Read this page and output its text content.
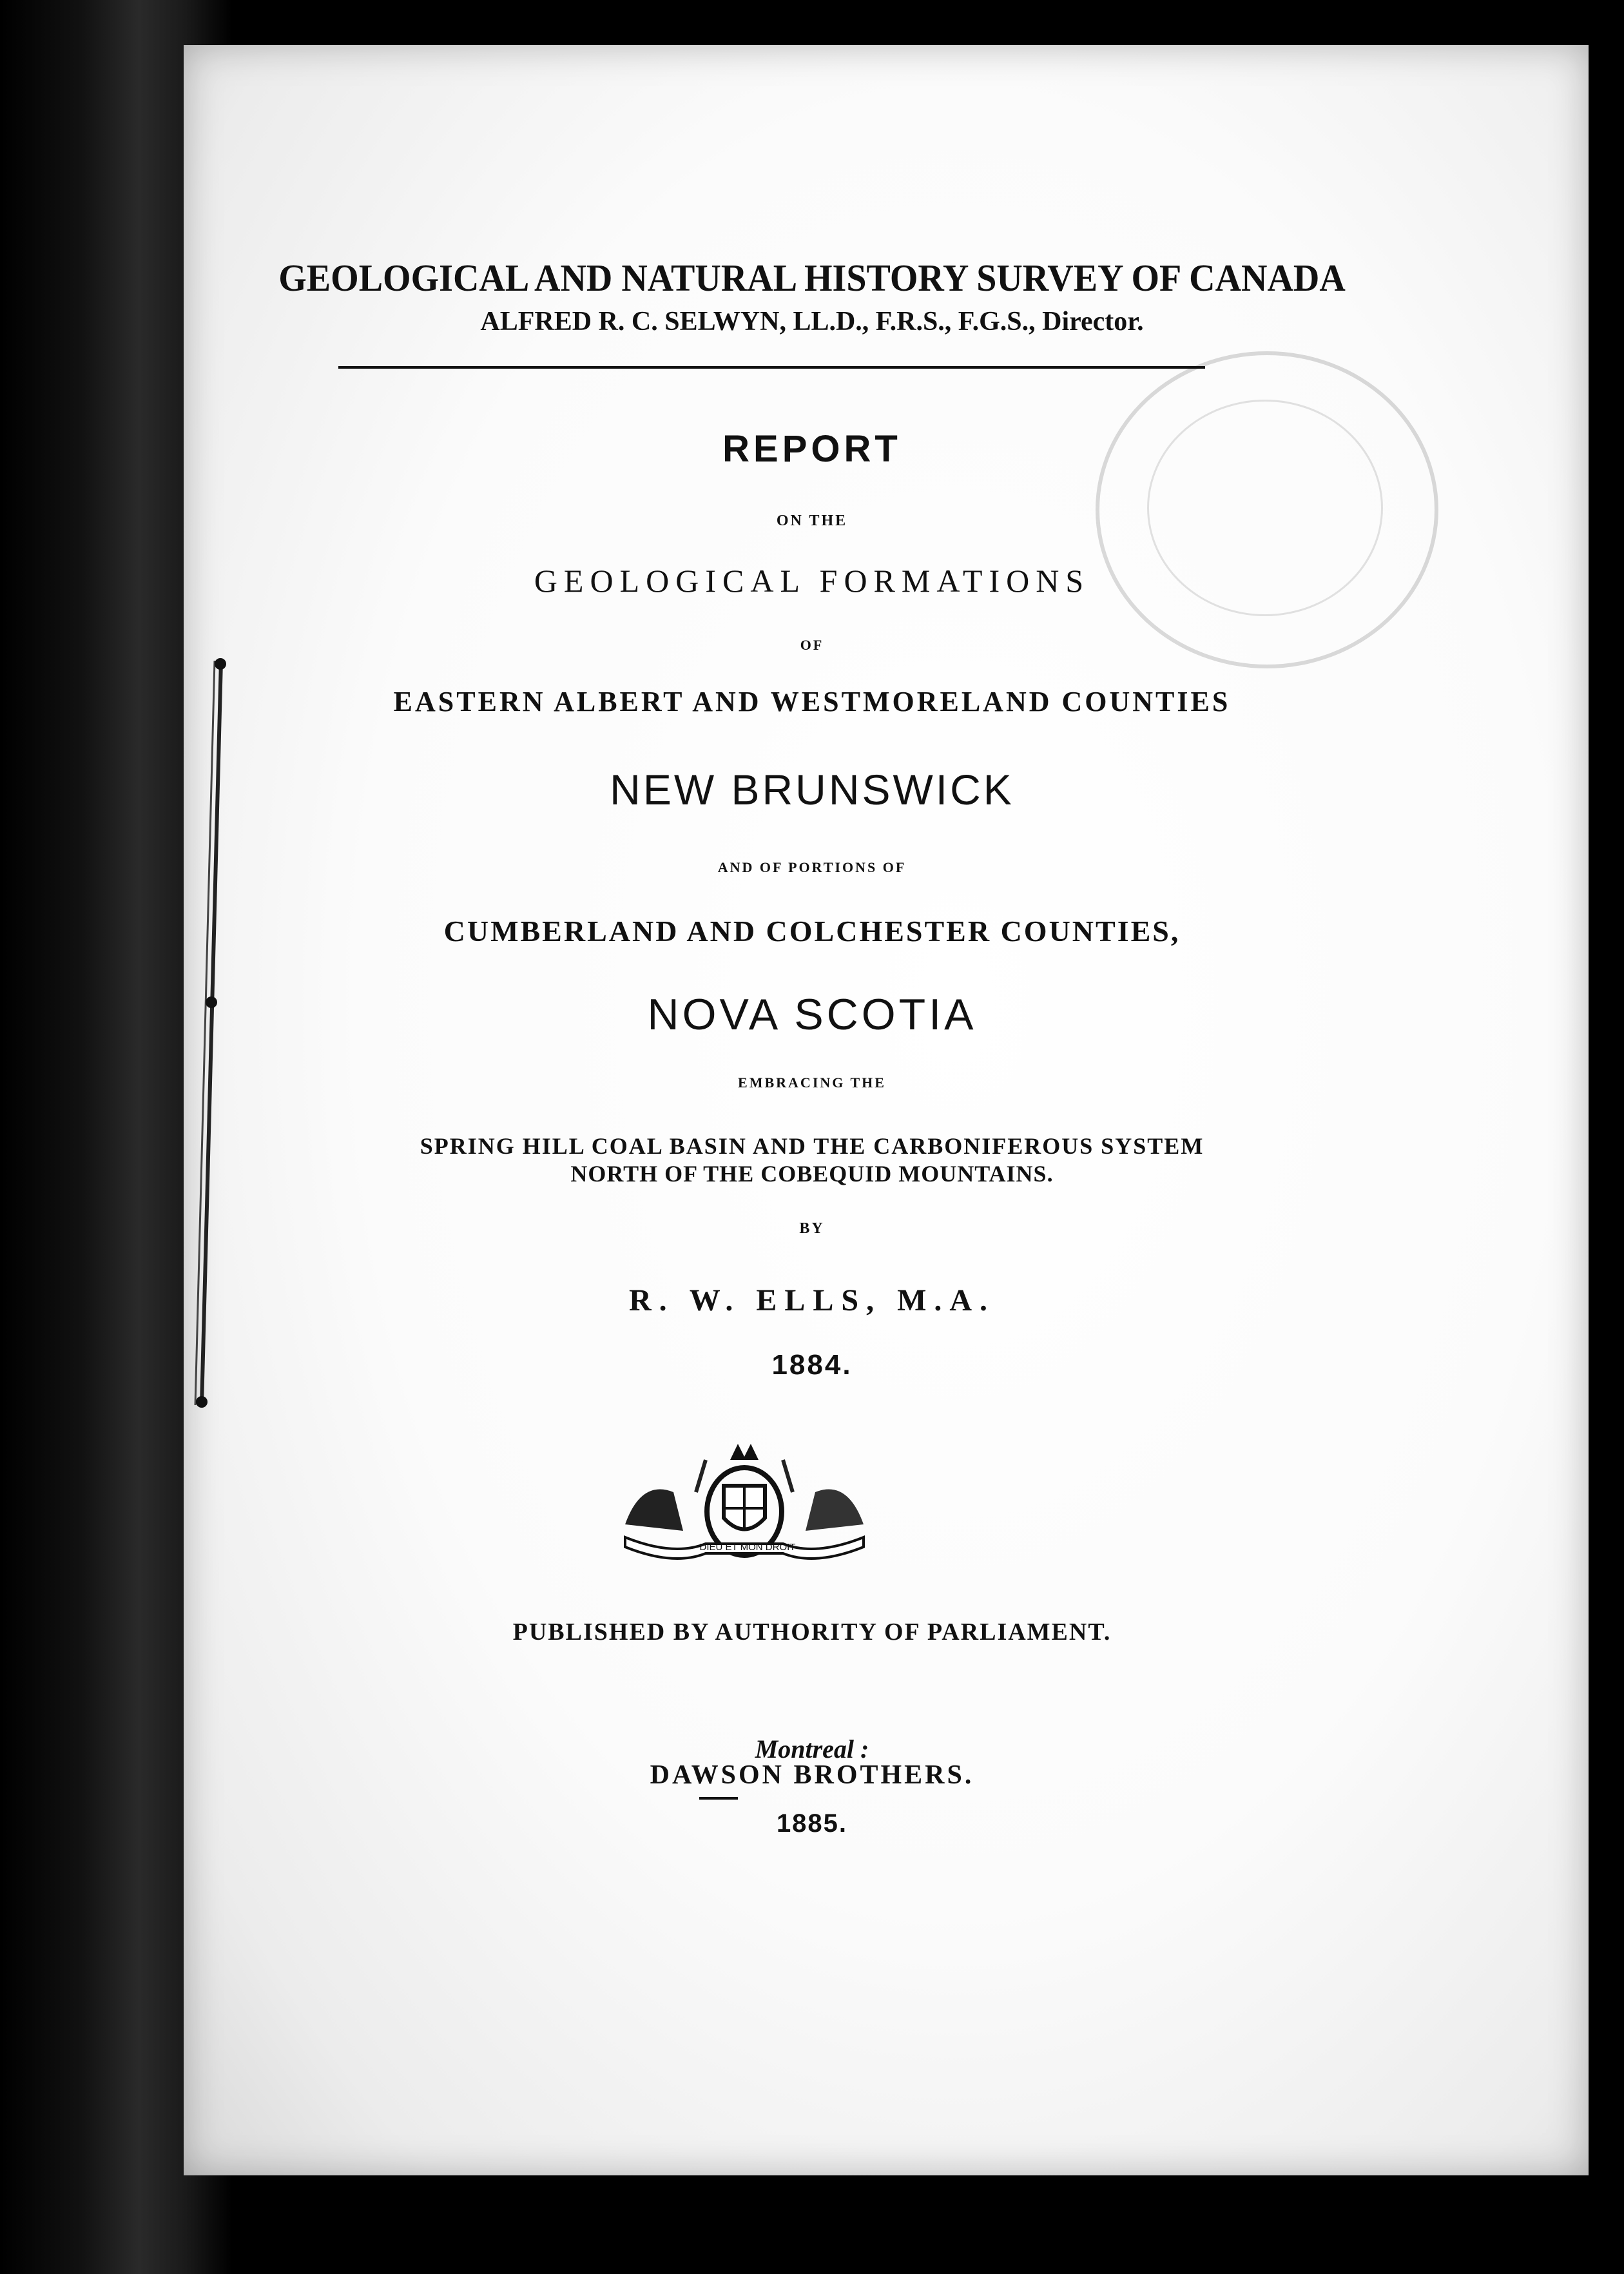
DIEU ET MON DROIT
GEOLOGICAL AND NATURAL HISTORY SURVEY OF CANADA
ALFRED R. C. SELWYN, LL.D., F.R.S., F.G.S., Director.
REPORT
ON THE
GEOLOGICAL FORMATIONS
OF
EASTERN ALBERT AND WESTMORELAND COUNTIES
NEW BRUNSWICK
AND OF PORTIONS OF
CUMBERLAND AND COLCHESTER COUNTIES,
NOVA SCOTIA
EMBRACING THE
SPRING HILL COAL BASIN AND THE CARBONIFEROUS SYSTEM
NORTH OF THE COBEQUID MOUNTAINS.
BY
R. W. ELLS, M.A.
1884.
PUBLISHED BY AUTHORITY OF PARLIAMENT.
Montreal :
DAWSON BROTHERS.
1885.
